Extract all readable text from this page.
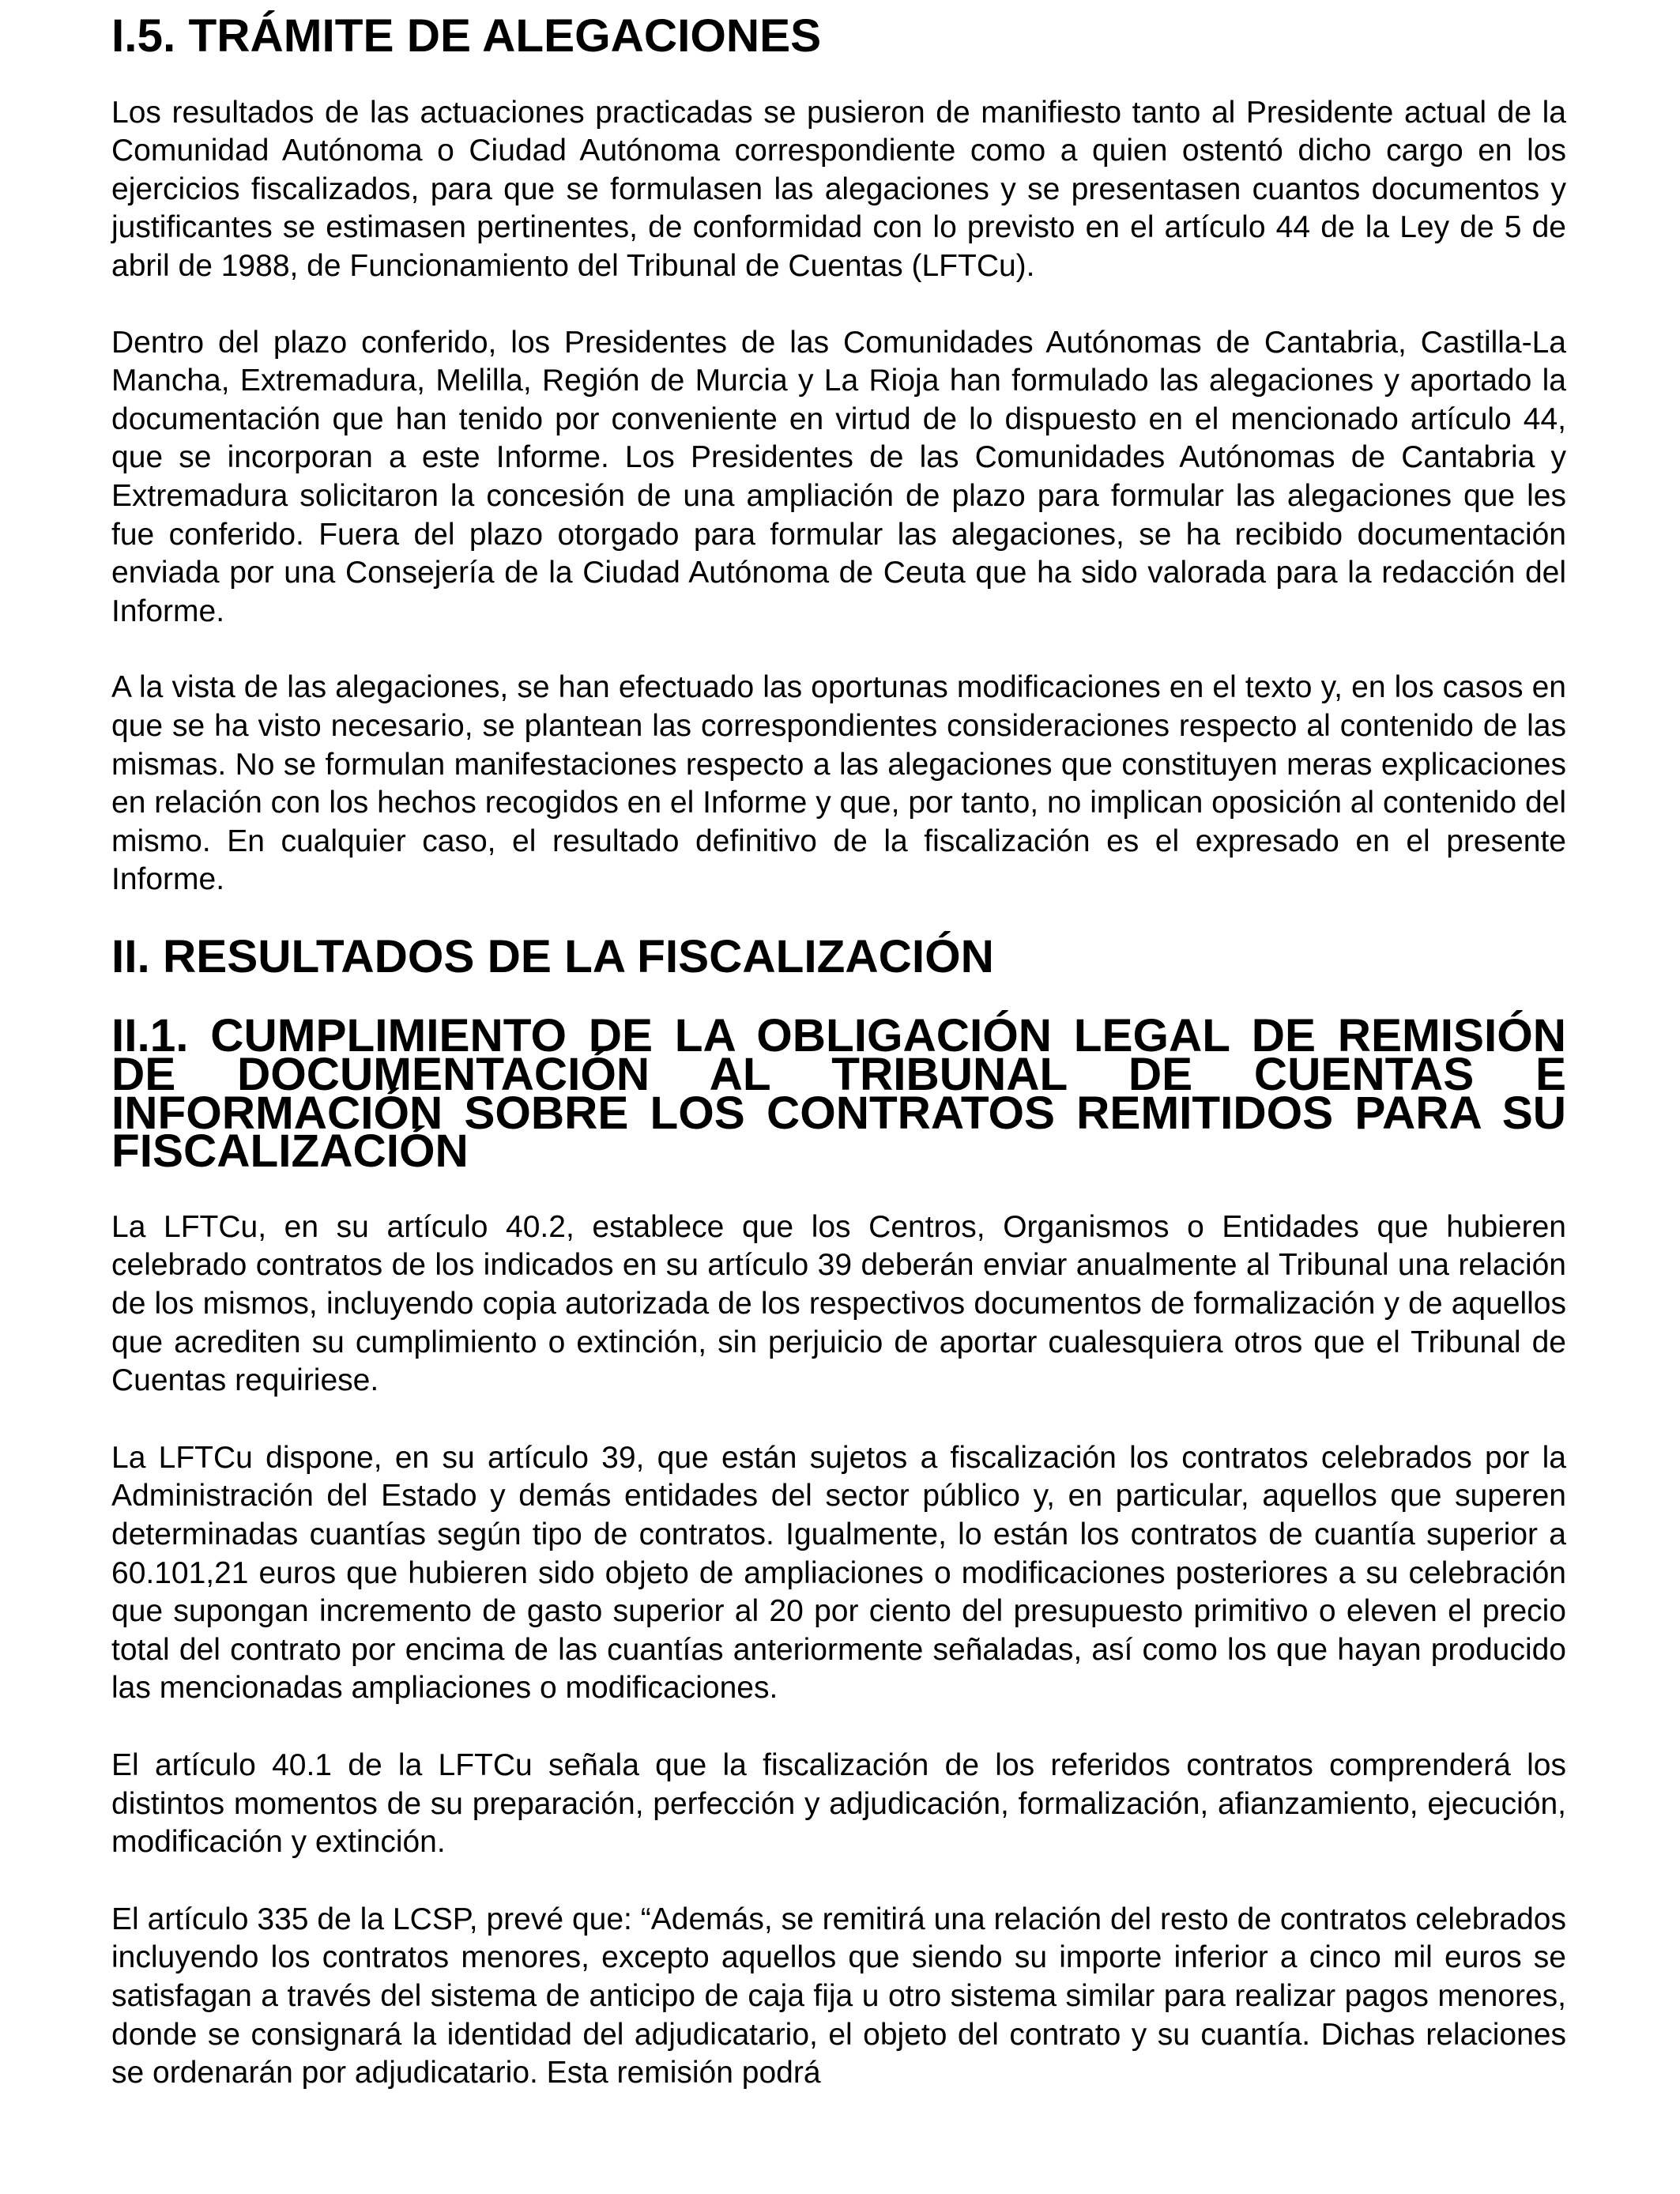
I.5. TRÁMITE DE ALEGACIONES

Los resultados de las actuaciones practicadas se pusieron de manifiesto tanto al Presidente actual de la Comunidad Autónoma o Ciudad Autónoma correspondiente como a quien ostentó dicho cargo en los ejercicios fiscalizados, para que se formulasen las alegaciones y se presentasen cuantos documentos y justificantes se estimasen pertinentes, de conformidad con lo previsto en el artículo 44 de la Ley de 5 de abril de 1988, de Funcionamiento del Tribunal de Cuentas (LFTCu).

Dentro del plazo conferido, los Presidentes de las Comunidades Autónomas de Cantabria, Castilla-La Mancha, Extremadura, Melilla, Región de Murcia y La Rioja han formulado las alegaciones y aportado la documentación que han tenido por conveniente en virtud de lo dispuesto en el mencionado artículo 44, que se incorporan a este Informe. Los Presidentes de las Comunidades Autónomas de Cantabria y Extremadura solicitaron la concesión de una ampliación de plazo para formular las alegaciones que les fue conferido. Fuera del plazo otorgado para formular las alegaciones, se ha recibido documentación enviada por una Consejería de la Ciudad Autónoma de Ceuta que ha sido valorada para la redacción del Informe.

A la vista de las alegaciones, se han efectuado las oportunas modificaciones en el texto y, en los casos en que se ha visto necesario, se plantean las correspondientes consideraciones respecto al contenido de las mismas. No se formulan manifestaciones respecto a las alegaciones que constituyen meras explicaciones en relación con los hechos recogidos en el Informe y que, por tanto, no implican oposición al contenido del mismo. En cualquier caso, el resultado definitivo de la fiscalización es el expresado en el presente Informe.

II. RESULTADOS DE LA FISCALIZACIÓN
II.1. CUMPLIMIENTO DE LA OBLIGACIÓN LEGAL DE REMISIÓN DE DOCUMENTACIÓN AL TRIBUNAL DE CUENTAS E INFORMACIÓN SOBRE LOS CONTRATOS REMITIDOS PARA SU FISCALIZACIÓN

La LFTCu, en su artículo 40.2, establece que los Centros, Organismos o Entidades que hubieren celebrado contratos de los indicados en su artículo 39 deberán enviar anualmente al Tribunal una relación de los mismos, incluyendo copia autorizada de los respectivos documentos de formalización y de aquellos que acrediten su cumplimiento o extinción, sin perjuicio de aportar cualesquiera otros que el Tribunal de Cuentas requiriese.

La LFTCu dispone, en su artículo 39, que están sujetos a fiscalización los contratos celebrados por la Administración del Estado y demás entidades del sector público y, en particular, aquellos que superen determinadas cuantías según tipo de contratos. Igualmente, lo están los contratos de cuantía superior a 60.101,21 euros que hubieren sido objeto de ampliaciones o modificaciones posteriores a su celebración que supongan incremento de gasto superior al 20 por ciento del presupuesto primitivo o eleven el precio total del contrato por encima de las cuantías anteriormente señaladas, así como los que hayan producido las mencionadas ampliaciones o modificaciones.

El artículo 40.1 de la LFTCu señala que la fiscalización de los referidos contratos comprenderá los distintos momentos de su preparación, perfección y adjudicación, formalización, afianzamiento, ejecución, modificación y extinción.

El artículo 335 de la LCSP, prevé que: “Además, se remitirá una relación del resto de contratos celebrados incluyendo los contratos menores, excepto aquellos que siendo su importe inferior a cinco mil euros se satisfagan a través del sistema de anticipo de caja fija u otro sistema similar para realizar pagos menores, donde se consignará la identidad del adjudicatario, el objeto del contrato y su cuantía. Dichas relaciones se ordenarán por adjudicatario. Esta remisión podrá
